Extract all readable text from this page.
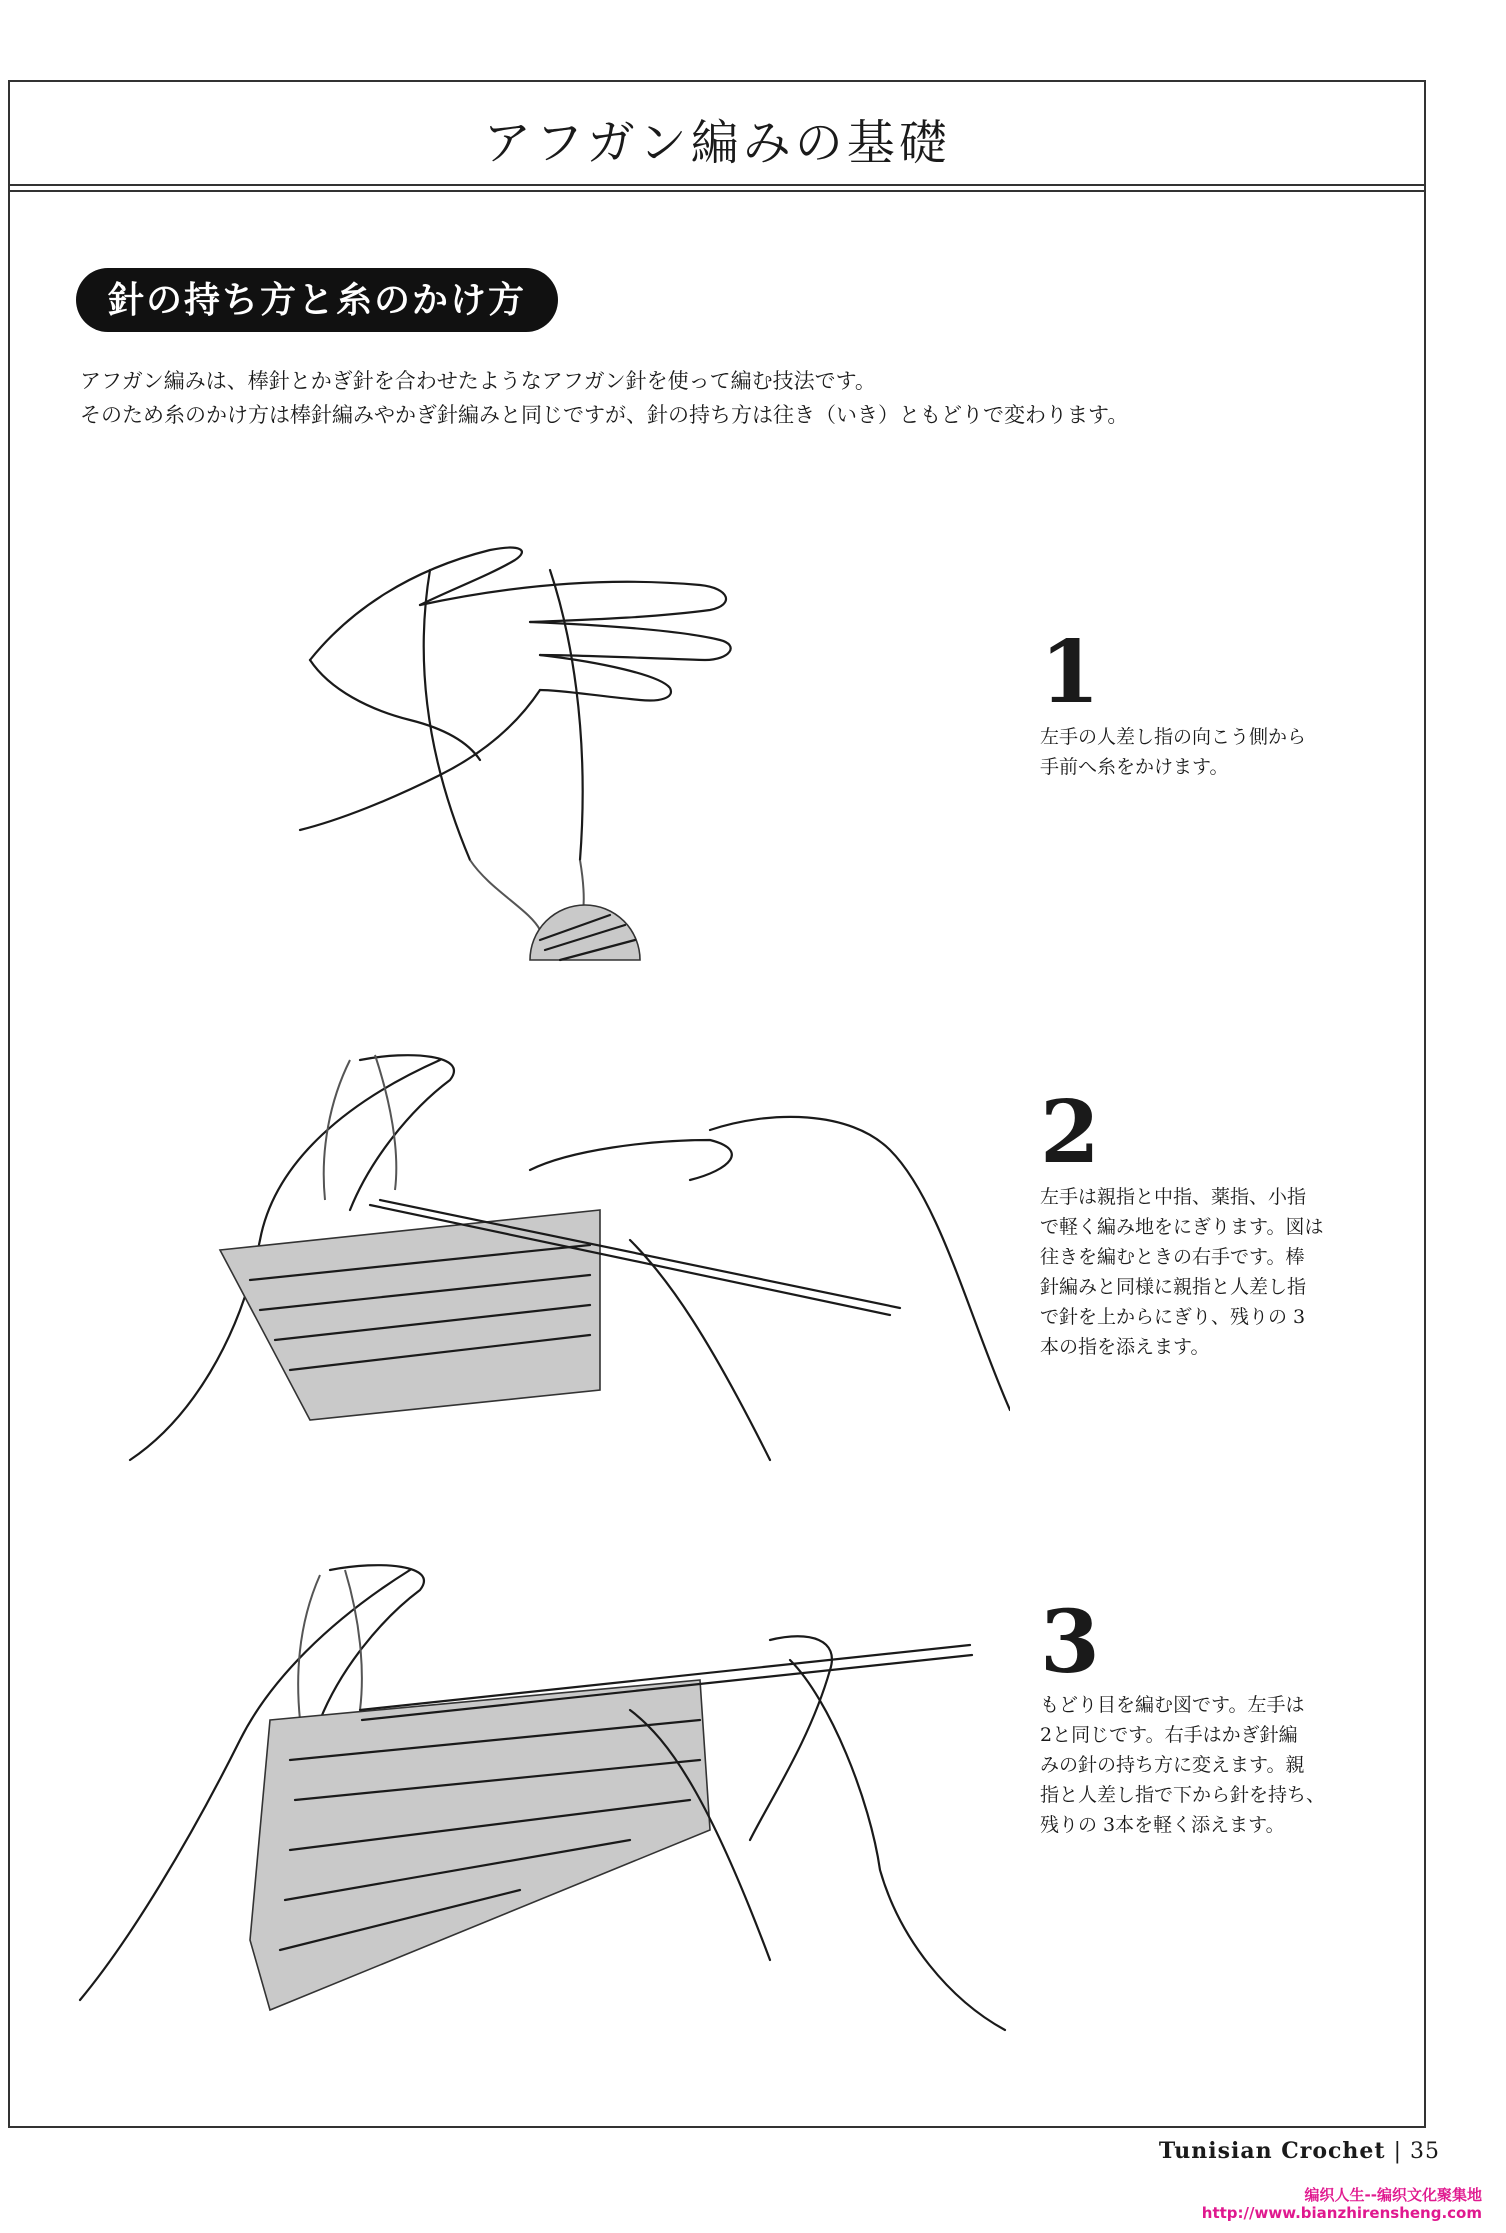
アフガン編みの基礎
針の持ち方と糸のかけ方
アフガン編みは、棒針とかぎ針を合わせたようなアフガン針を使って編む技法です。
そのため糸のかけ方は棒針編みやかぎ針編みと同じですが、針の持ち方は往き（いき）ともどりで変わります。
1
左手の人差し指の向こう側から
手前へ糸をかけます。
2
左手は親指と中指、薬指、小指
で軽く編み地をにぎります。図は
往きを編むときの右手です。棒
針編みと同様に親指と人差し指
で針を上からにぎり、残りの 3
本の指を添えます。
3
もどり目を編む図です。左手は
2と同じです。右手はかぎ針編
みの針の持ち方に変えます。親
指と人差し指で下から針を持ち、
残りの 3本を軽く添えます。
Tunisian Crochet | 35
编织人生--编织文化聚集地
http://www.bianzhirensheng.com
